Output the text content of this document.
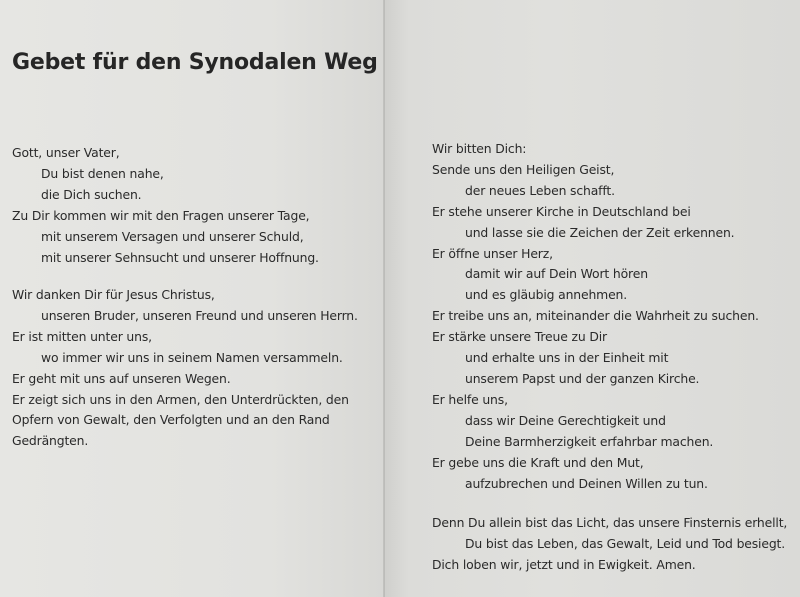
Gebet für den Synodalen Weg
Gott, unser Vater,
Du bist denen nahe,
die Dich suchen.
Zu Dir kommen wir mit den Fragen unserer Tage,
mit unserem Versagen und unserer Schuld,
mit unserer Sehnsucht und unserer Hoffnung.
Wir danken Dir für Jesus Christus,
unseren Bruder, unseren Freund und unseren Herrn.
Er ist mitten unter uns,
wo immer wir uns in seinem Namen versammeln.
Er geht mit uns auf unseren Wegen.
Er zeigt sich uns in den Armen, den Unterdrückten, den
Opfern von Gewalt, den Verfolgten und an den Rand
Gedrängten.
Wir bitten Dich:
Sende uns den Heiligen Geist,
der neues Leben schafft.
Er stehe unserer Kirche in Deutschland bei
und lasse sie die Zeichen der Zeit erkennen.
Er öffne unser Herz,
damit wir auf Dein Wort hören
und es gläubig annehmen.
Er treibe uns an, miteinander die Wahrheit zu suchen.
Er stärke unsere Treue zu Dir
und erhalte uns in der Einheit mit
unserem Papst und der ganzen Kirche.
Er helfe uns,
dass wir Deine Gerechtigkeit und
Deine Barmherzigkeit erfahrbar machen.
Er gebe uns die Kraft und den Mut,
aufzubrechen und Deinen Willen zu tun.
Denn Du allein bist das Licht, das unsere Finsternis erhellt,
Du bist das Leben, das Gewalt, Leid und Tod besiegt.
Dich loben wir, jetzt und in Ewigkeit. Amen.
